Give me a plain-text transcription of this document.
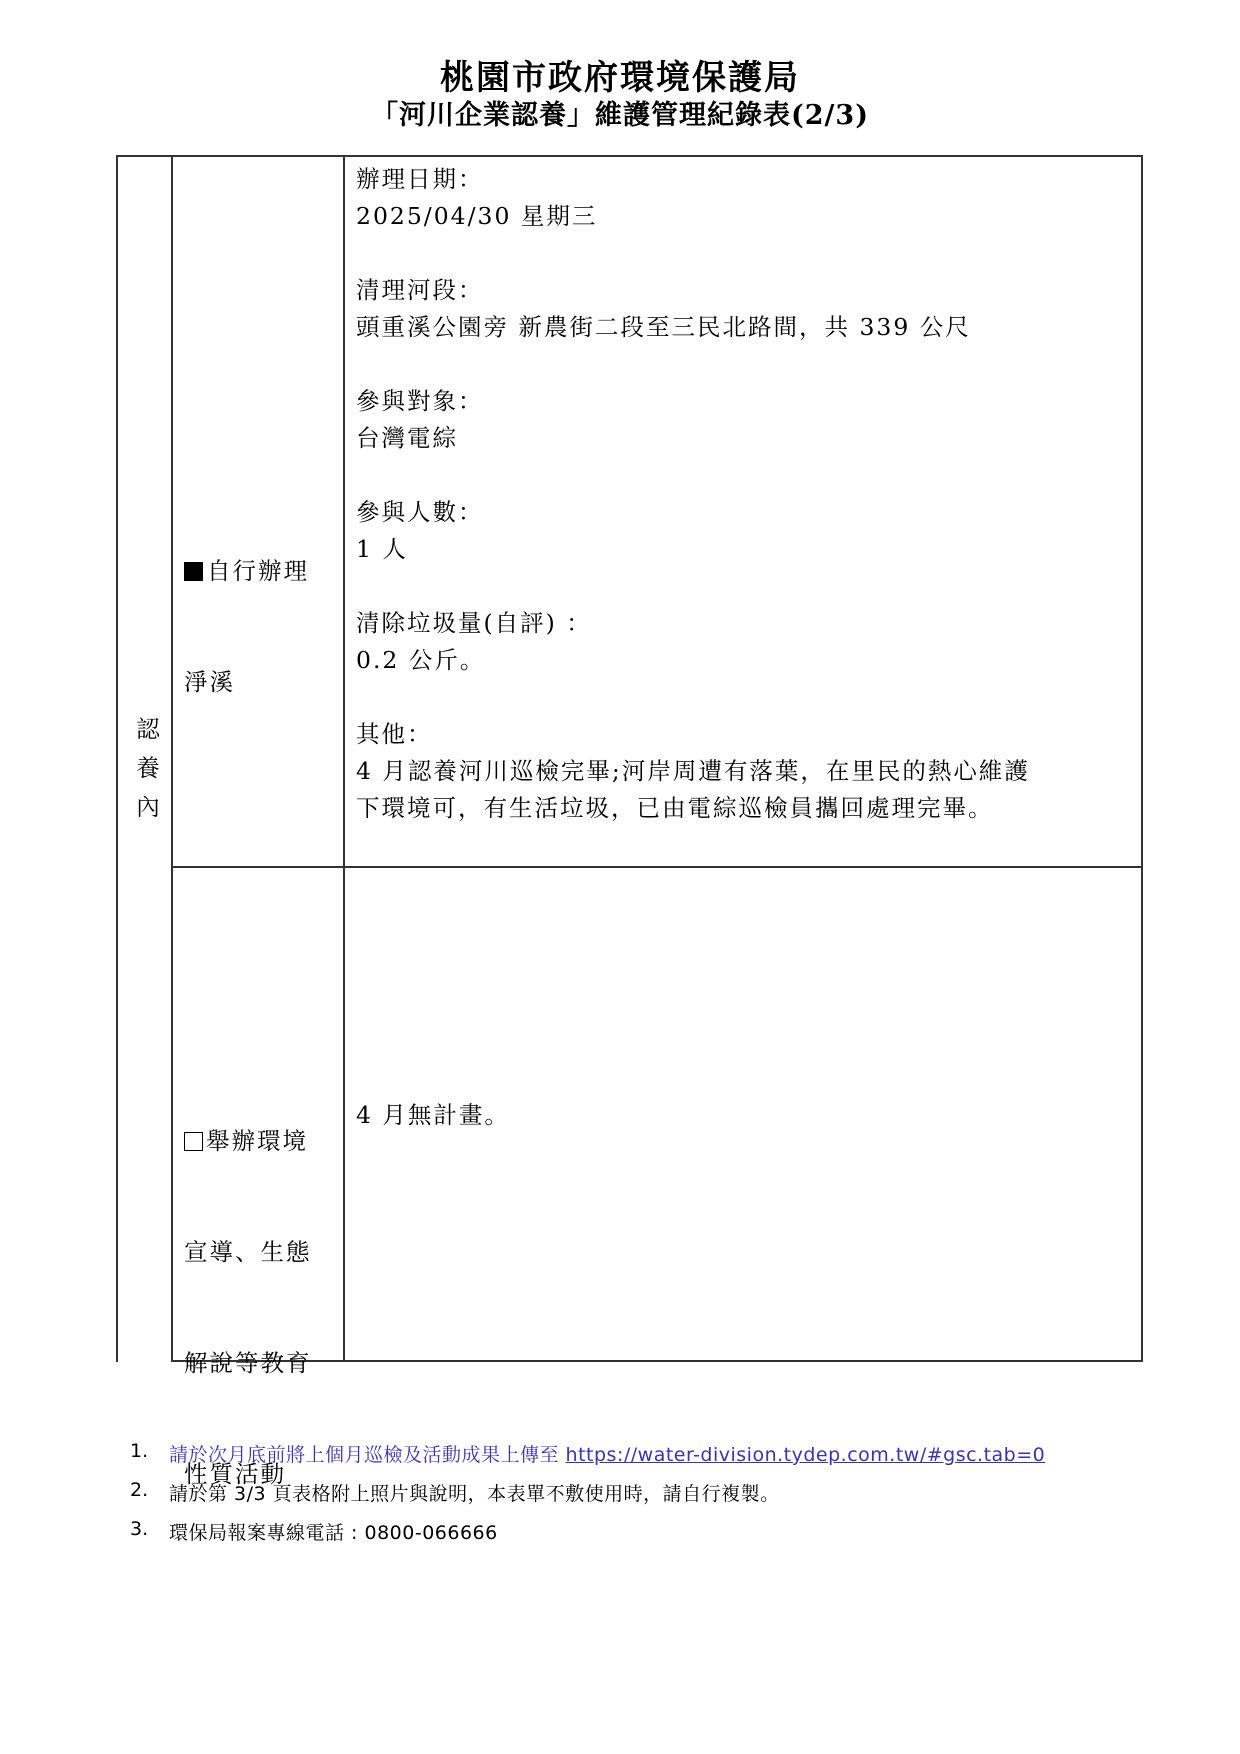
桃園市政府環境保護局
「河川企業認養」維護管理紀錄表(2/3)
認
養
內

自行辦理

淨溪

辦理日期：
2025/04/30 星期三
清理河段：
頭重溪公園旁 新農街二段至三民北路間，共 339 公尺
參與對象：
台灣電綜
參與人數：
1 人
清除垃圾量(自評) ：
0.2 公斤。
其他：
4 月認養河川巡檢完畢;河岸周遭有落葉，在里民的熱心維護
下環境可，有生活垃圾，已由電綜巡檢員攜回處理完畢。

舉辦環境

宣導、生態

解說等教育

性質活動

4 月無計畫。
1.	請於次月底前將上個月巡檢及活動成果上傳至 https://water-division.tydep.com.tw/#gsc.tab=0
2.	請於第 3/3 頁表格附上照片與說明，本表單不敷使用時，請自行複製。
3.	環保局報案專線電話 : 0800-066666
